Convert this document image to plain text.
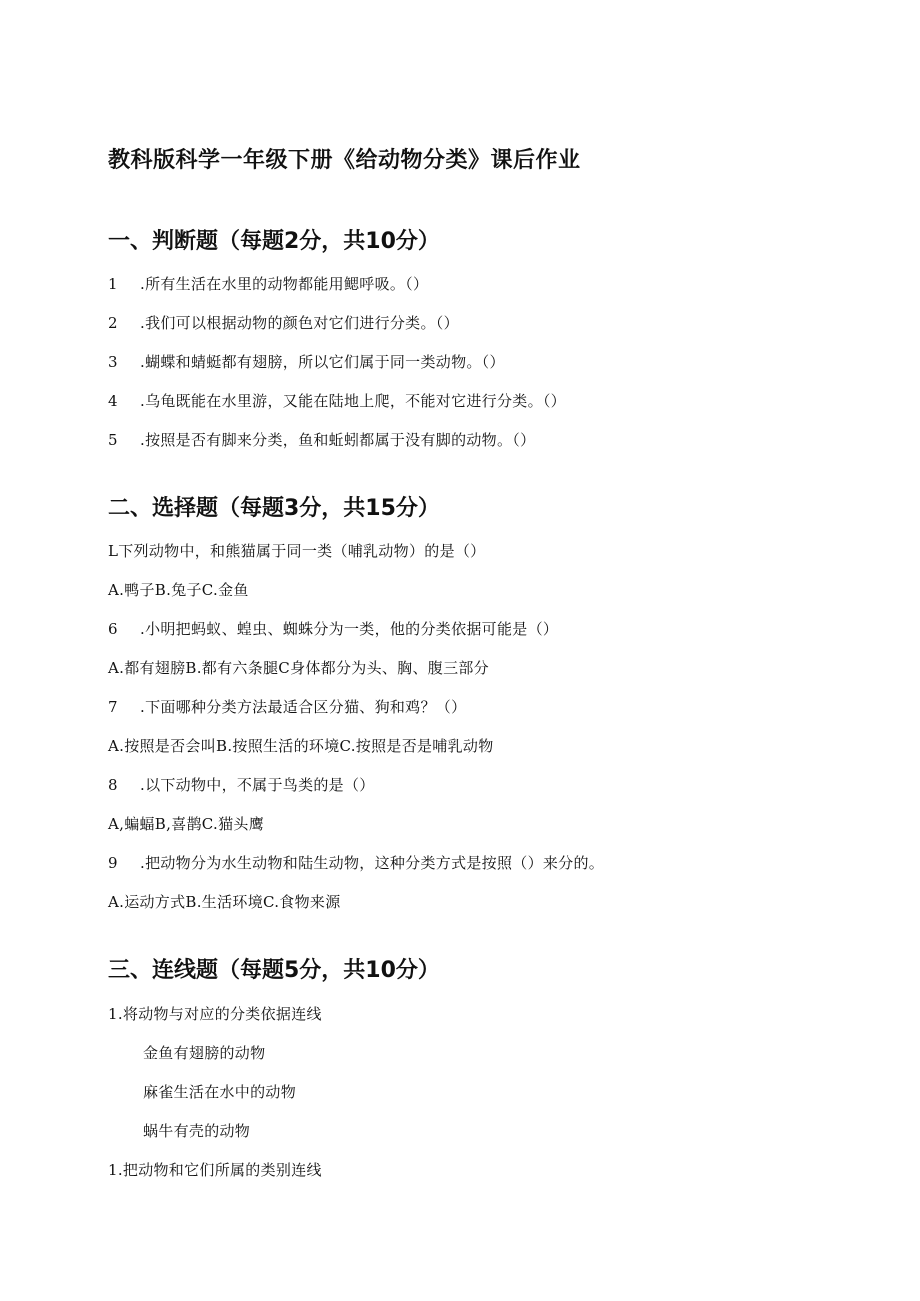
教科版科学一年级下册《给动物分类》课后作业
一、判断题（每题2分，共10分）
1 .所有生活在水里的动物都能用鳃呼吸。（）
2 .我们可以根据动物的颜色对它们进行分类。（）
3 .蝴蝶和蜻蜓都有翅膀，所以它们属于同一类动物。（）
4 .乌龟既能在水里游，又能在陆地上爬，不能对它进行分类。（）
5 .按照是否有脚来分类，鱼和蚯蚓都属于没有脚的动物。（）
二、选择题（每题3分，共15分）
L下列动物中，和熊猫属于同一类（哺乳动物）的是（）
A.鸭子B.兔子C.金鱼
6 .小明把蚂蚁、蝗虫、蜘蛛分为一类，他的分类依据可能是（）
A.都有翅膀B.都有六条腿C身体都分为头、胸、腹三部分
7 .下面哪种分类方法最适合区分猫、狗和鸡？（）
A.按照是否会叫B.按照生活的环境C.按照是否是哺乳动物
8 .以下动物中，不属于鸟类的是（）
A,蝙蝠B,喜鹊C.猫头鹰
9 .把动物分为水生动物和陆生动物，这种分类方式是按照（）来分的。
A.运动方式B.生活环境C.食物来源
三、连线题（每题5分，共10分）
1.将动物与对应的分类依据连线
金鱼有翅膀的动物
麻雀生活在水中的动物
蜗牛有壳的动物
1.把动物和它们所属的类别连线
